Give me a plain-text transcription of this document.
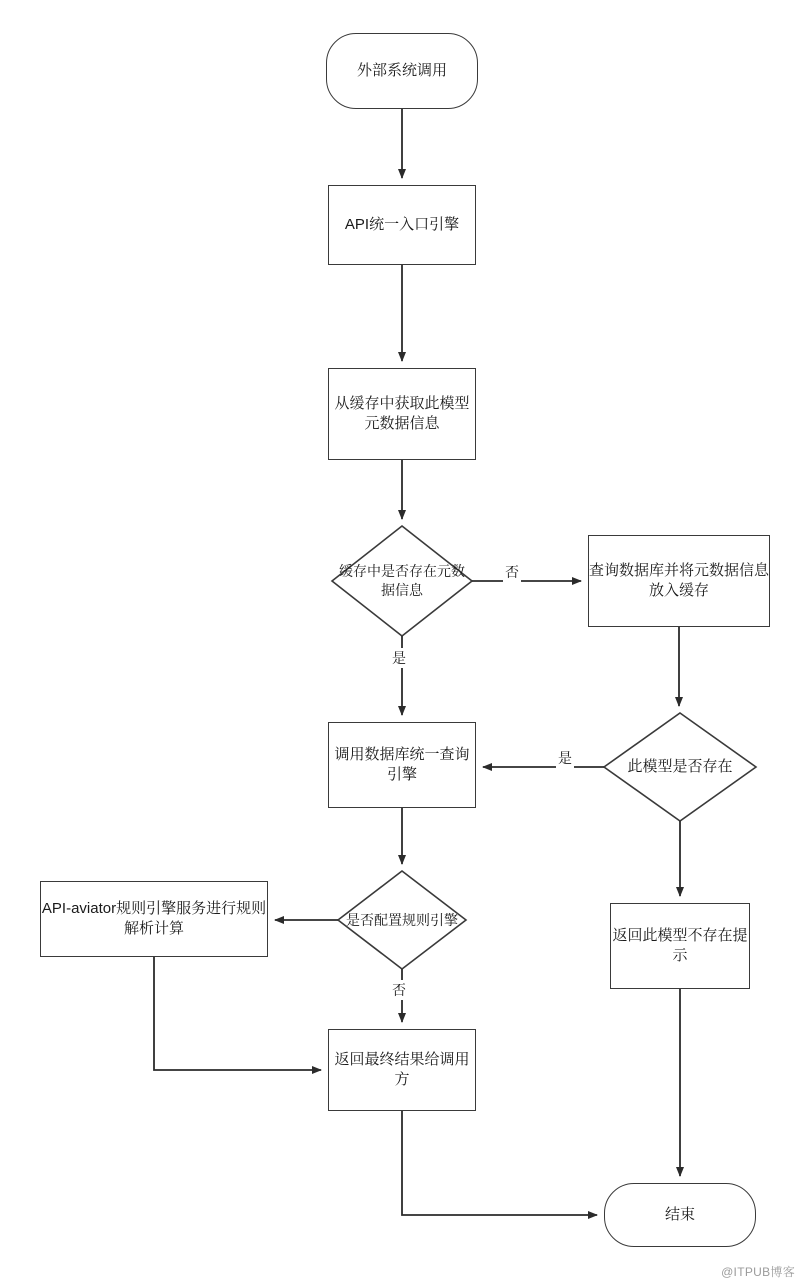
外部系统调用
API统一入口引擎
从缓存中获取此模型元数据信息
缓存中是否存在元数据信息
查询数据库并将元数据信息放入缓存
此模型是否存在
调用数据库统一查询引擎
是否配置规则引擎
API-aviator规则引擎服务进行规则解析计算	返回此模型不存在提示
返回最终结果给调用方
结束
否
是
是
否
@ITPUB博客
